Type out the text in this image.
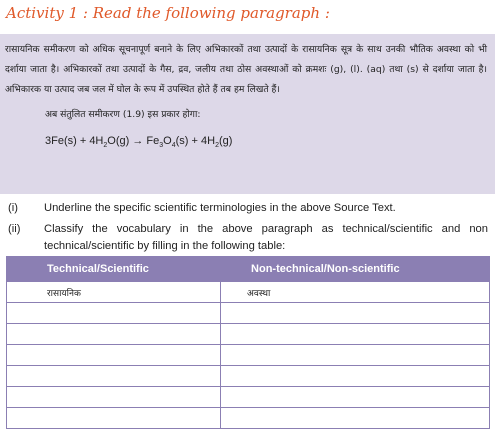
Activity 1 : Read the following paragraph :

रासायनिक समीकरण को अधिक सूचनापूर्ण बनाने के लिए अभिकारकों तथा उत्पादों के रासायनिक सूत्र के साथ उनकी भौतिक अवस्था को भी दर्शाया जाता है। अभिकारकों तथा उत्पादों के गैस, द्रव, जलीय तथा ठोस अवस्थाओं को क्रमशः (g), (l). (aq) तथा (s) से दर्शाया जाता है। अभिकारक या उत्पाद जब जल में घोल के रूप में उपस्थित होते हैं तब हम लिखते हैं।

अब संतुलित समीकरण (1.9) इस प्रकार होगा:
$3Fe(s) + 4H_2O(g) \to Fe_3O_4(s) + 4H_2(g)$
(i) Underline the specific scientific terminologies in the above Source Text.
(ii) Classify the vocabulary in the above paragraph as technical/scientific and non technical/scientific by filling in the following table:
Technical/Scientific	Non-technical/Non-scientific
रासायनिक	अवस्था
